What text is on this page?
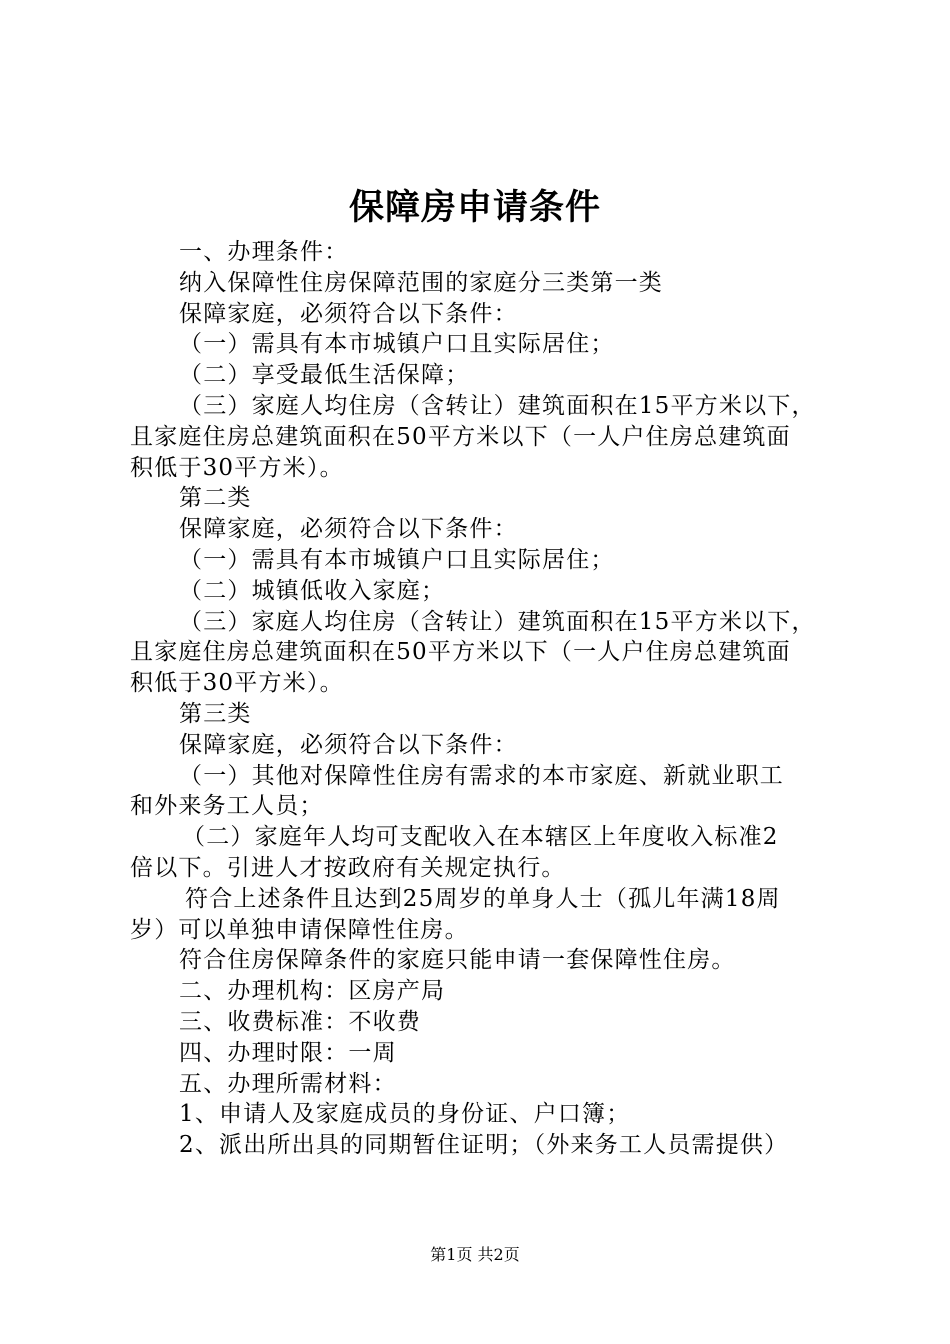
保障房申请条件
一、办理条件：
纳入保障性住房保障范围的家庭分三类第一类
保障家庭，必须符合以下条件：
（一）需具有本市城镇户口且实际居住；
（二）享受最低生活保障；
（三）家庭人均住房（含转让）建筑面积在15平方米以下，
且家庭住房总建筑面积在50平方米以下（一人户住房总建筑面
积低于30平方米）。
第二类
保障家庭，必须符合以下条件：
（一）需具有本市城镇户口且实际居住；
（二）城镇低收入家庭；
（三）家庭人均住房（含转让）建筑面积在15平方米以下，
且家庭住房总建筑面积在50平方米以下（一人户住房总建筑面
积低于30平方米）。
第三类
保障家庭，必须符合以下条件：
（一）其他对保障性住房有需求的本市家庭、新就业职工
和外来务工人员；
（二）家庭年人均可支配收入在本辖区上年度收入标准2
倍以下。引进人才按政府有关规定执行。
符合上述条件且达到25周岁的单身人士（孤儿年满18周
岁）可以单独申请保障性住房。
符合住房保障条件的家庭只能申请一套保障性住房。
二、办理机构：区房产局
三、收费标准：不收费
四、办理时限：一周
五、办理所需材料：
1、申请人及家庭成员的身份证、户口簿；
2、派出所出具的同期暂住证明；（外来务工人员需提供）
第1页 共2页
